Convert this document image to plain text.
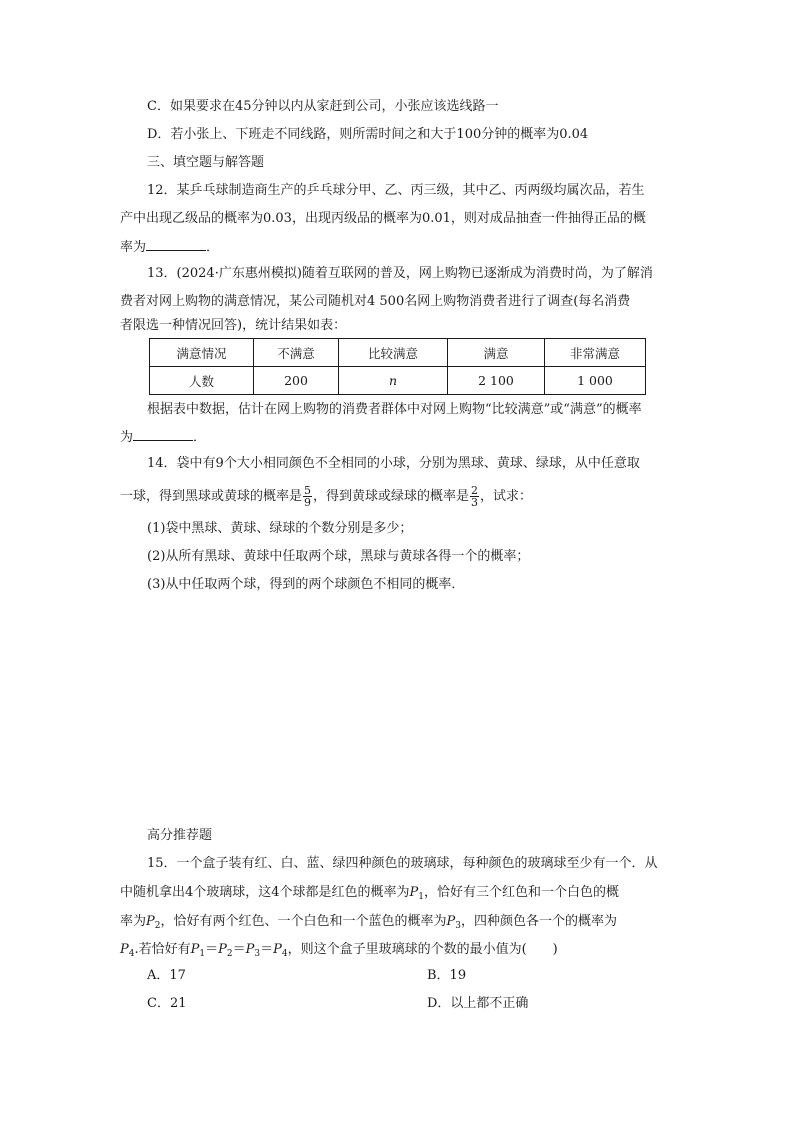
C．如果要求在45分钟以内从家赶到公司，小张应该选线路一
D．若小张上、下班走不同线路，则所需时间之和大于100分钟的概率为0.04
三、填空题与解答题
12．某乒乓球制造商生产的乒乓球分甲、乙、丙三级，其中乙、丙两级均属次品，若生
产中出现乙级品的概率为0.03，出现丙级品的概率为0.01，则对成品抽查一件抽得正品的概
率为	．
13．(2024·广东惠州模拟)随着互联网的普及，网上购物已逐渐成为消费时尚，为了解消
费者对网上购物的满意情况，某公司随机对4 500名网上购物消费者进行了调查(每名消费
者限选一种情况回答)，统计结果如表：
满意情况	不满意	比较满意	满意	非常满意
人数	200	n	2 100	1 000
根据表中数据，估计在网上购物的消费者群体中对网上购物“比较满意”或“满意”的概率
为	．
14．袋中有9个大小相同颜色不全相同的小球，分别为黑球、黄球、绿球，从中任意取
一球，得到黑球或黄球的概率是 $\frac{5}{9}$ ，得到黄球或绿球的概率是 $\frac{2}{3}$ ，试求：
(1)袋中黑球、黄球、绿球的个数分别是多少；
(2)从所有黑球、黄球中任取两个球，黑球与黄球各得一个的概率；
(3)从中任取两个球，得到的两个球颜色不相同的概率．
高分推荐题
15．一个盒子装有红、白、蓝、绿四种颜色的玻璃球，每种颜色的玻璃球至少有一个．从
中随机拿出4个玻璃球，这4个球都是红色的概率为$P_1$，恰好有三个红色和一个白色的概
率为$P_2$，恰好有两个红色、一个白色和一个蓝色的概率为$P_3$，四种颜色各一个的概率为
$P_4$.若恰好有$P_1=P_2=P_3=P_4$，则这个盒子里玻璃球的个数的最小值为(　　)
A．17	B．19
C．21	D．以上都不正确
